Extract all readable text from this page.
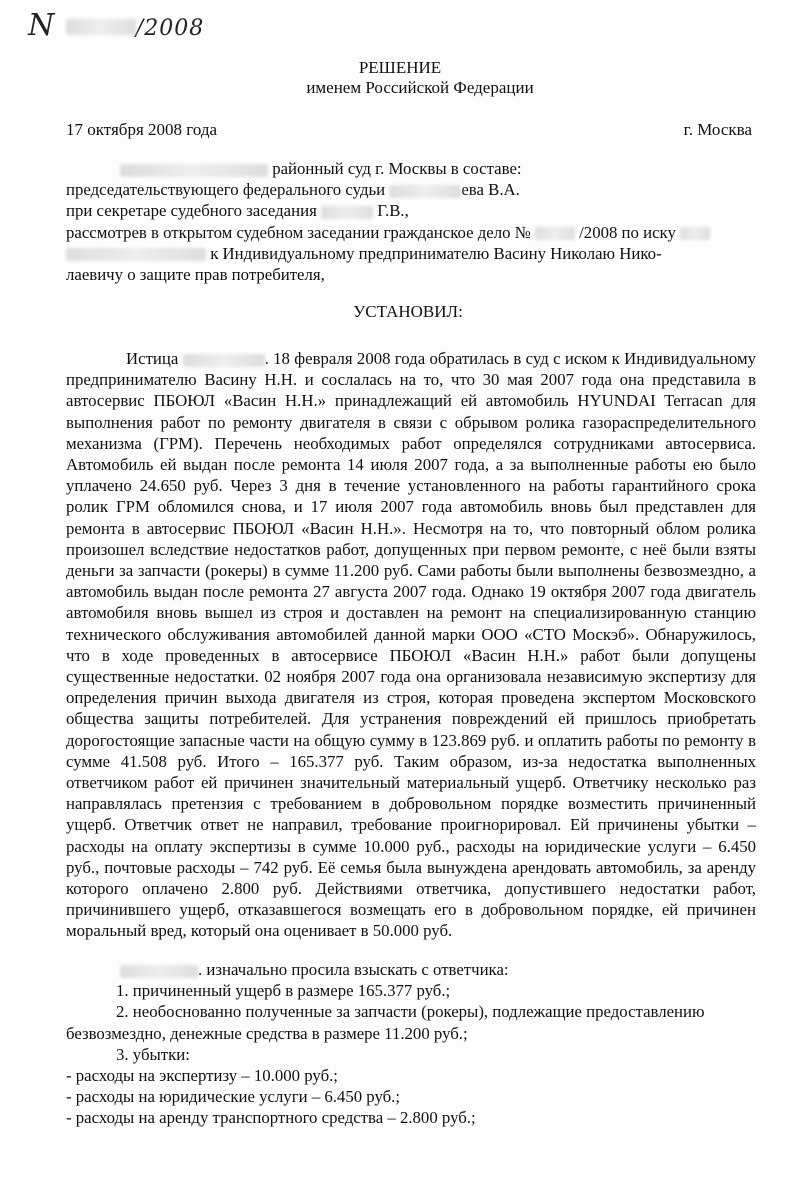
N	/2008
РЕШЕНИЕ
именем Российской Федерации
17 октября 2008 года	г. Москва

районный суд г. Москвы в составе:

председательствующего федерального судьи	ева В.А.

при секретаре судебного заседания	Г.В.,

рассмотрев в открытом судебном заседании гражданское дело №	/2008 по иску

к Индивидуальному предпринимателю Васину Николаю Нико-

лаевичу о защите прав потребителя,

УСТАНОВИЛ:

Истица	. 18 февраля 2008 года обратилась в суд с иском к Индивидуальному предпринимателю Васину Н.Н. и сослалась на то, что 30 мая 2007 года она представила в автосервис ПБОЮЛ «Васин Н.Н.» принадлежащий ей автомобиль HYUNDAI Terracan для выполнения работ по ремонту двигателя в связи с обрывом ролика газораспределительного механизма (ГРМ). Перечень необходимых работ определялся сотрудниками автосервиса. Автомобиль ей выдан после ремонта 14 июля 2007 года, а за выполненные работы ею было уплачено 24.650 руб. Через 3 дня в течение установленного на работы гарантийного срока ролик ГРМ обломился снова, и 17 июля 2007 года автомобиль вновь был представлен для ремонта в автосервис ПБОЮЛ «Васин Н.Н.». Несмотря на то, что повторный облом ролика произошел вследствие недостатков работ, допущенных при первом ремонте, с неё были взяты деньги за запчасти (рокеры) в сумме 11.200 руб. Сами работы были выполнены безвозмездно, а автомобиль выдан после ремонта 27 августа 2007 года. Однако 19 октября 2007 года двигатель автомобиля вновь вышел из строя и доставлен на ремонт на специализированную станцию технического обслуживания автомобилей данной марки ООО «СТО Москэб». Обнаружилось, что в ходе проведенных в автосервисе ПБОЮЛ «Васин Н.Н.» работ были допущены существенные недостатки. 02 ноября 2007 года она организовала независимую экспертизу для определения причин выхода двигателя из строя, которая проведена экспертом Московского общества защиты потребителей. Для устранения повреждений ей пришлось приобретать дорогостоящие запасные части на общую сумму в 123.869 руб. и оплатить работы по ремонту в сумме 41.508 руб. Итого – 165.377 руб. Таким образом, из-за недостатка выполненных ответчиком работ ей причинен значительный материальный ущерб. Ответчику несколько раз направлялась претензия с требованием в добровольном порядке возместить причиненный ущерб. Ответчик ответ не направил, требование проигнорировал. Ей причинены убытки – расходы на оплату экспертизы в сумме 10.000 руб., расходы на юридические услуги – 6.450 руб., почтовые расходы – 742 руб. Её семья была вынуждена арендовать автомобиль, за аренду которого оплачено 2.800 руб. Действиями ответчика, допустившего недостатки работ, причинившего ущерб, отказавшегося возмещать его в добровольном порядке, ей причинен моральный вред, который она оценивает в 50.000 руб.

. изначально просила взыскать с ответчика:

1. причиненный ущерб в размере 165.377 руб.;

2. необоснованно полученные за запчасти (рокеры), подлежащие предоставлению

безвозмездно, денежные средства в размере 11.200 руб.;

3. убытки:

- расходы на экспертизу – 10.000 руб.;

- расходы на юридические услуги – 6.450 руб.;

- расходы на аренду транспортного средства – 2.800 руб.;
